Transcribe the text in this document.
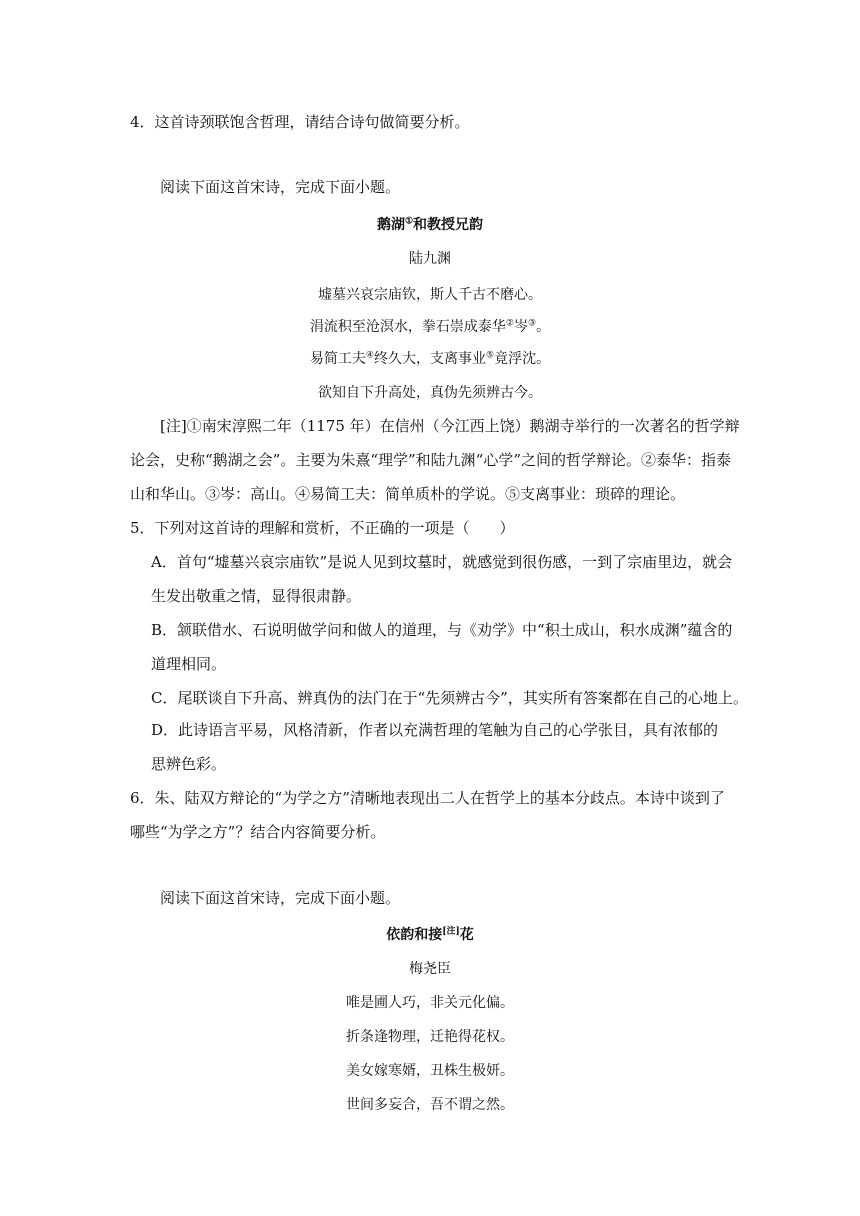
4．这首诗颈联饱含哲理，请结合诗句做简要分析。
阅读下面这首宋诗，完成下面小题。
鹅湖①和教授兄韵
陆九渊
墟墓兴哀宗庙钦，斯人千古不磨心。
涓流积至沧溟水，拳石崇成泰华②岑③。
易简工夫④终久大，支离事业⑤竟浮沈。
欲知自下升高处，真伪先须辨古今。
[注]①南宋淳熙二年（1175 年）在信州（今江西上饶）鹅湖寺举行的一次著名的哲学辩
论会，史称“鹅湖之会”。主要为朱熹“理学”和陆九渊“心学”之间的哲学辩论。②泰华：指泰
山和华山。③岑：高山。④易简工夫：简单质朴的学说。⑤支离事业：琐碎的理论。
5．下列对这首诗的理解和赏析，不正确的一项是（　　）
A．首句“墟墓兴哀宗庙钦”是说人见到坟墓时，就感觉到很伤感，一到了宗庙里边，就会
生发出敬重之情，显得很肃静。
B．颔联借水、石说明做学问和做人的道理，与《劝学》中“积土成山，积水成渊”蕴含的
道理相同。
C．尾联谈自下升高、辨真伪的法门在于“先须辨古今”，其实所有答案都在自己的心地上。
D．此诗语言平易，风格清新，作者以充满哲理的笔触为自己的心学张目，具有浓郁的
思辨色彩。
6．朱、陆双方辩论的“为学之方”清晰地表现出二人在哲学上的基本分歧点。本诗中谈到了
哪些“为学之方”？结合内容简要分析。
阅读下面这首宋诗，完成下面小题。
依韵和接[注]花
梅尧臣
唯是圃人巧，非关元化偏。
折条逢物理，迁艳得花权。
美女嫁寒婿，丑株生极妍。
世间多妄合，吾不谓之然。
